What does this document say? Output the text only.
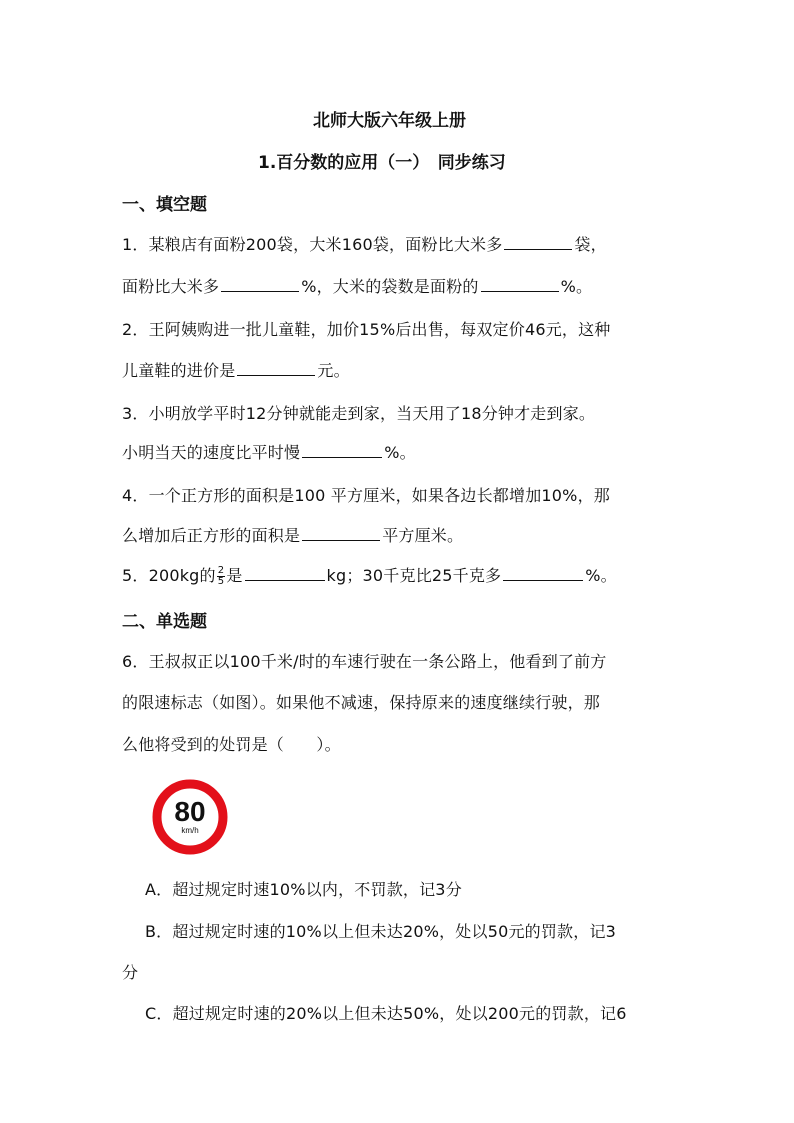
北师大版六年级上册
1.百分数的应用（一）　同步练习
一、填空题
1．某粮店有面粉200袋，大米160袋，面粉比大米多	袋，
面粉比大米多	%，大米的袋数是面粉的	%。
2．王阿姨购进一批儿童鞋，加价15%后出售，每双定价46元，这种
儿童鞋的进价是	元。
3．小明放学平时12分钟就能走到家，当天用了18分钟才走到家。
小明当天的速度比平时慢	%。
4．一个正方形的面积是100 平方厘米，如果各边长都增加10%，那
么增加后正方形的面积是	平方厘米。
5．200kg的 $\frac{2}{5}$ 是	kg；30千克比25千克多	%。
二、单选题
6．王叔叔正以100千米/时的车速行驶在一条公路上，他看到了前方
的限速标志（如图）。如果他不减速，保持原来的速度继续行驶，那
么他将受到的处罚是（　　）。
80
km/h
A．超过规定时速10%以内，不罚款，记3分
B．超过规定时速的10%以上但未达20%，处以50元的罚款，记3
分
C．超过规定时速的20%以上但未达50%，处以200元的罚款，记6
